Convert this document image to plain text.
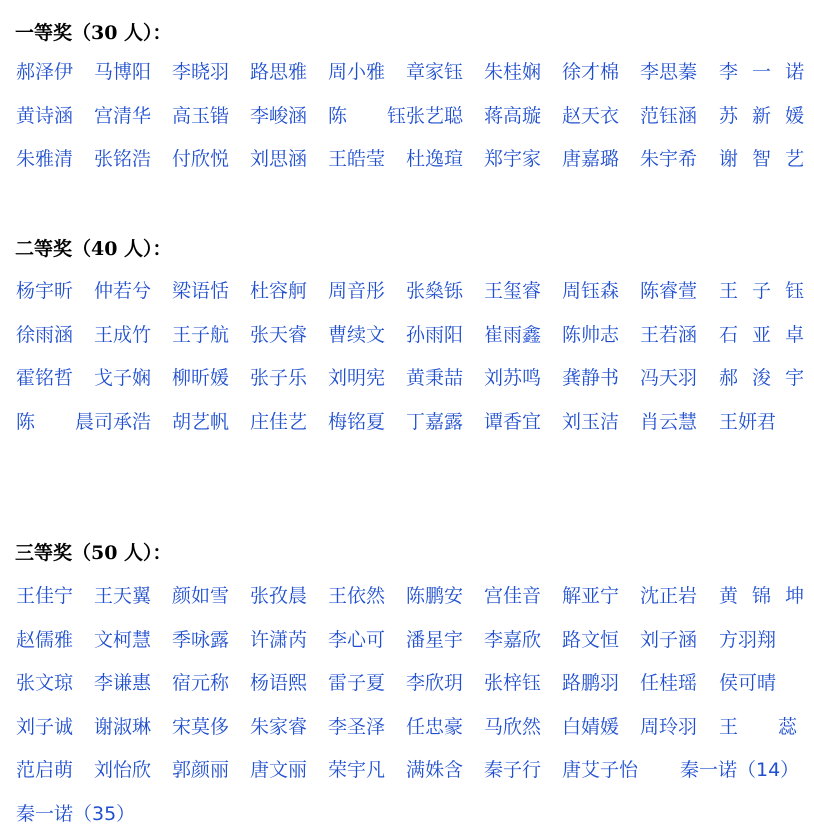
一等奖（30 人）：
郝泽伊 马博阳 李晓羽 路思雅 周小雅 章家钰 朱桂娴 徐才棉 李思蓁 李 一 诺
黄诗涵 宫清华 高玉锴 李峻涵 陈 钰
张艺聪 蒋高璇 赵天衣 范钰涵 苏 新 媛
朱雅清 张铭浩 付欣悦 刘思涵 王皓莹 杜逸瑄 郑宇家 唐嘉璐 朱宇希 谢 智 艺
二等奖（40 人）：
杨宇昕 仲若兮 梁语恬 杜容舸 周音彤 张燊铄 王玺睿 周钰森 陈睿萱 王 子 钰
徐雨涵 王成竹 王子航 张天睿 曹续文 孙雨阳 崔雨鑫 陈帅志 王若涵 石 亚 卓
霍铭哲 戈子娴 柳昕媛 张子乐 刘明宪 黄秉喆 刘苏鸣 龚静书 冯天羽 郝 浚 宇
陈 晨
司承浩 胡艺帆 庄佳艺 梅铭夏 丁嘉露 谭香宜 刘玉洁 肖云慧 王妍君
三等奖（50 人）：
王佳宁 王天翼 颜如雪 张孜晨 王依然 陈鹏安 宫佳音 解亚宁 沈正岩 黄 锦 坤
赵儒雅 文柯慧 季咏露 许潇芮 李心可 潘星宇 李嘉欣 路文恒 刘子涵 方羽翔
张文琼 李谦惠 宿元称 杨语熙 雷子夏 李欣玥 张梓钰 路鹏羽 任桂瑶 侯可晴
刘子诚 谢淑琳 宋莫侈 朱家睿 李圣泽 任忠豪 马欣然 白婧媛 周玲羽 王 蕊
范启萌 刘怡欣 郭颜丽 唐文丽 荣宇凡 满姝含 秦子行 唐艾子怡 秦一诺（14）
秦一诺（35）
